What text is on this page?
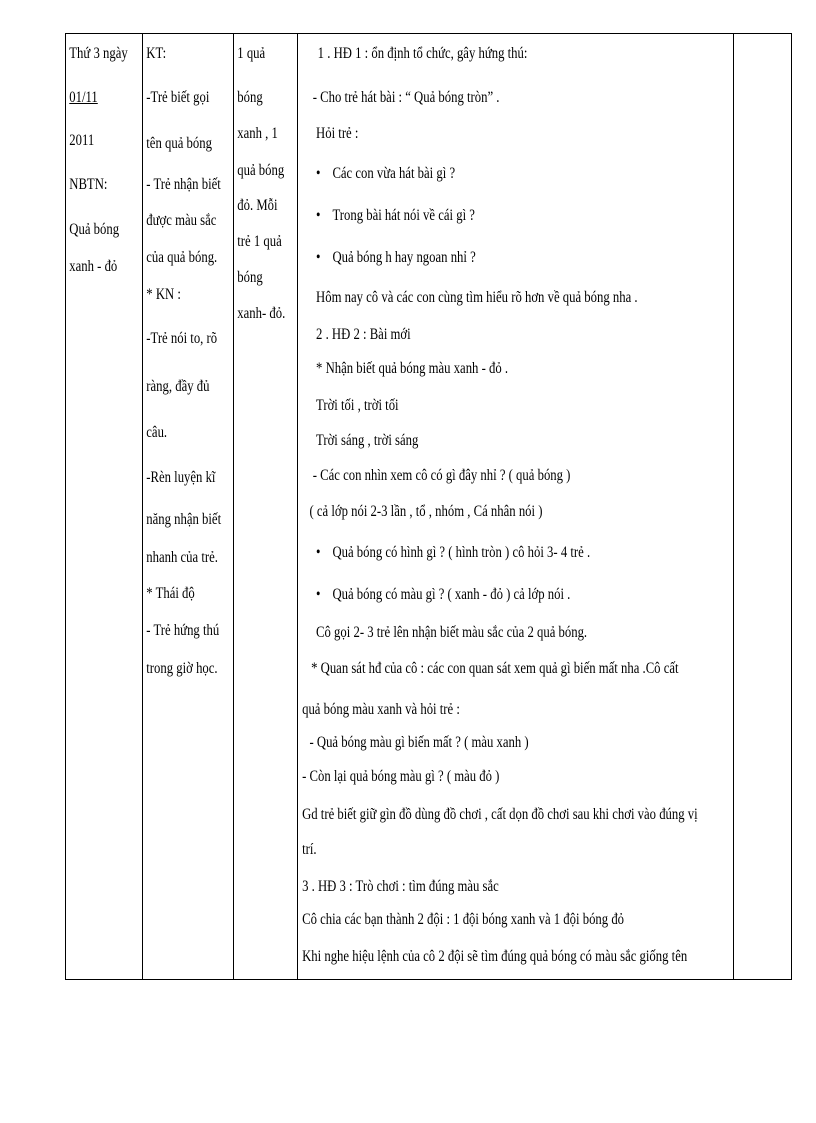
Thứ 3 ngày
01/11
2011
NBTN:
Quả bóng
xanh - đỏ

KT:
-Trẻ biết gọi
tên quả bóng
- Trẻ nhận biết
được màu sắc
của quả bóng.
* KN :
-Trẻ nói to, rõ
ràng, đầy đủ
câu.
-Rèn luyện kĩ
năng nhận biết
nhanh của trẻ.
* Thái độ
- Trẻ hứng thú
trong giờ học.

1 quả
bóng
xanh , 1
quả bóng
đỏ. Mỗi
trẻ 1 quả
bóng
xanh- đỏ.

1 . HĐ 1 : ổn định tổ chức, gây hứng thú:
- Cho trẻ hát bài : “ Quả bóng tròn” .
Hỏi trẻ :
• Các con vừa hát bài gì ?
• Trong bài hát nói về cái gì ?
• Quả bóng h hay ngoan nhỉ ?
Hôm nay cô và các con cùng tìm hiểu rõ hơn về quả bóng nha .
2 . HĐ 2 : Bài mới
* Nhận biết quả bóng màu xanh - đỏ .
Trời tối , trời tối
Trời sáng , trời sáng
- Các con nhìn xem cô có gì đây nhỉ ? ( quả bóng )
( cả lớp nói 2-3 lần , tổ , nhóm , Cá nhân nói )
• Quả bóng có hình gì ? ( hình tròn ) cô hỏi 3- 4 trẻ .
• Quả bóng có màu gì ? ( xanh - đỏ ) cả lớp nói .
Cô gọi 2- 3 trẻ lên nhận biết màu sắc của 2 quả bóng.
* Quan sát hđ của cô : các con quan sát xem quả gì biến mất nha .Cô cất
quả bóng màu xanh và hỏi trẻ :
- Quả bóng màu gì biến mất ? ( màu xanh )
- Còn lại quả bóng màu gì ? ( màu đỏ )
Gd trẻ biết giữ gìn đồ dùng đồ chơi , cất dọn đồ chơi sau khi chơi vào đúng vị
trí.
3 . HĐ 3 : Trò chơi : tìm đúng màu sắc
Cô chia các bạn thành 2 đội : 1 đội bóng xanh và 1 đội bóng đỏ
Khi nghe hiệu lệnh của cô 2 đội sẽ tìm đúng quả bóng có màu sắc giống tên
